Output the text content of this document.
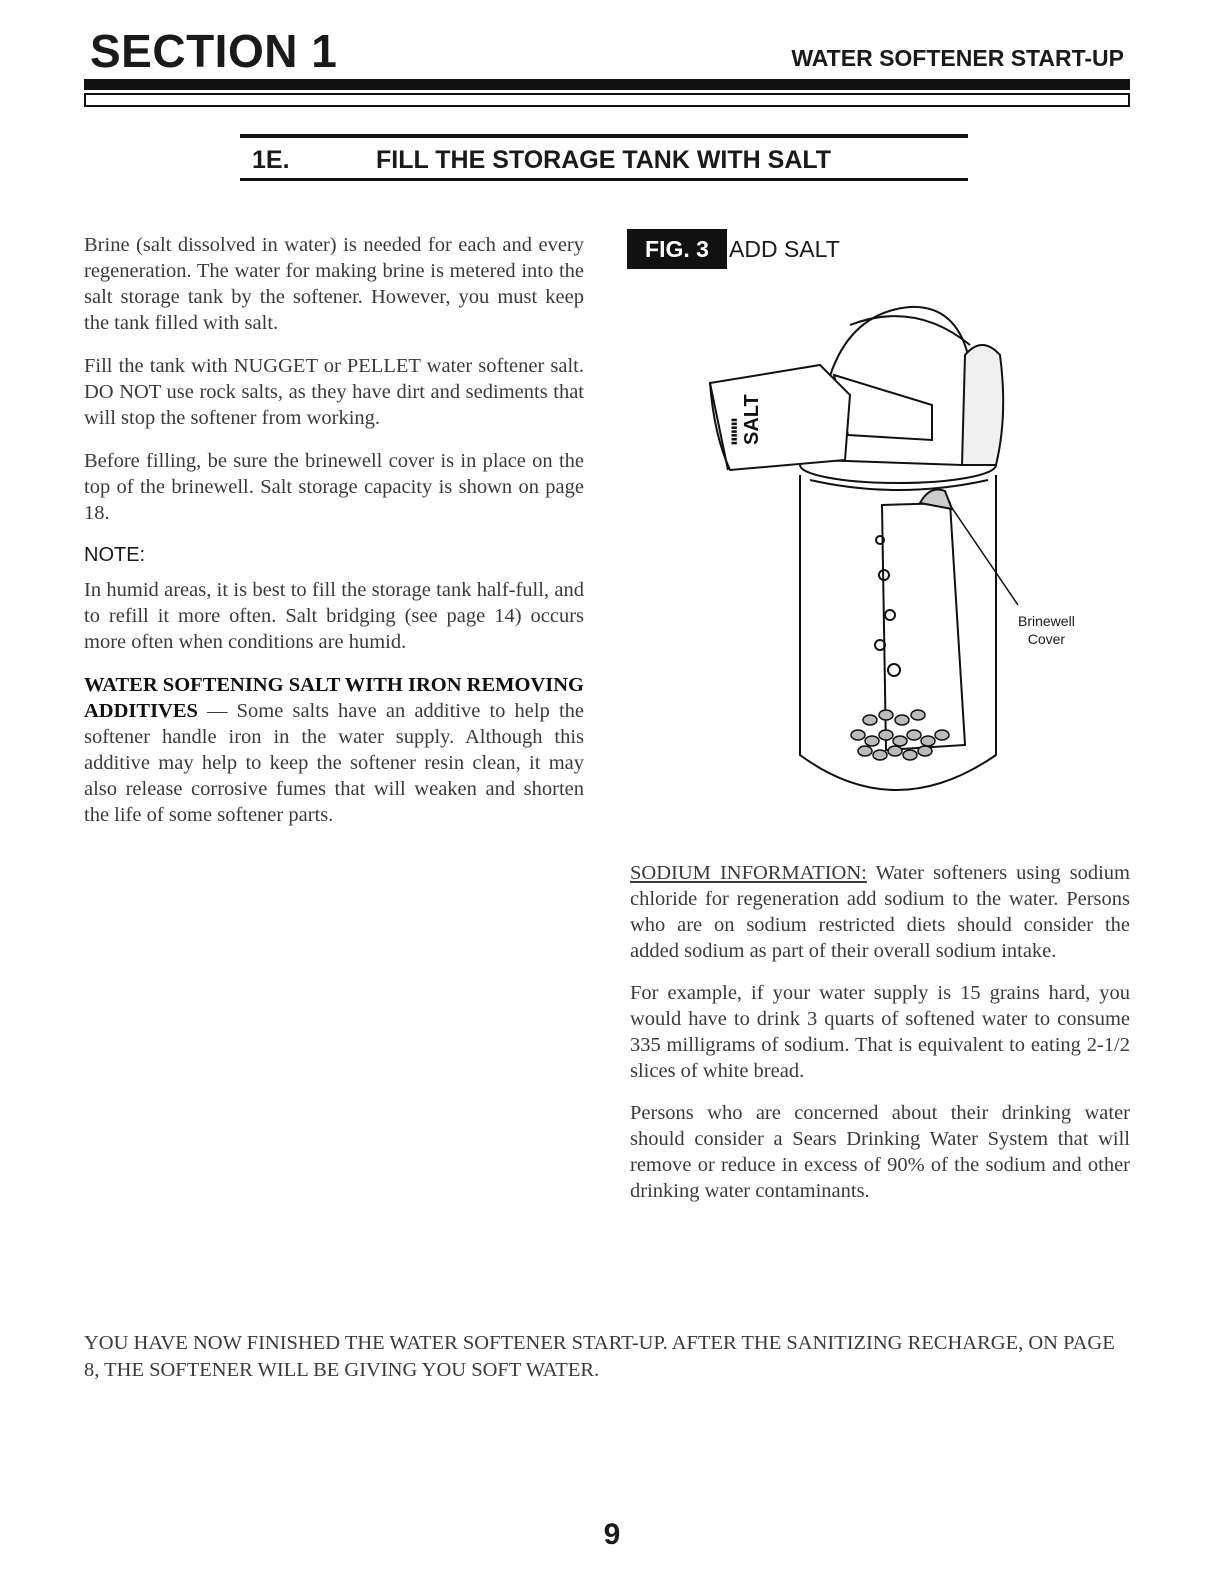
SECTION 1	WATER SOFTENER START-UP
1E.	FILL THE STORAGE TANK WITH SALT

Brine (salt dissolved in water) is needed for each and every regeneration. The water for making brine is metered into the salt storage tank by the softener. However, you must keep the tank filled with salt.

Fill the tank with NUGGET or PELLET water softener salt. DO NOT use rock salts, as they have dirt and sediments that will stop the softener from working.

Before filling, be sure the brinewell cover is in place on the top of the brinewell. Salt storage capacity is shown on page 18.

NOTE:

In humid areas, it is best to fill the storage tank half-full, and to refill it more often. Salt bridging (see page 14) occurs more often when conditions are humid.

WATER SOFTENING SALT WITH IRON REMOVING ADDITIVES — Some salts have an additive to help the softener handle iron in the water supply. Although this additive may help to keep the softener resin clean, it may also release corrosive fumes that will weaken and shorten the life of some softener parts.

FIG. 3 ADD SALT
SALT
▮▮▮▮▮▮▮
Brinewell
Cover

SODIUM INFORMATION: Water softeners using sodium chloride for regeneration add sodium to the water. Persons who are on sodium restricted diets should consider the added sodium as part of their overall sodium intake.

For example, if your water supply is 15 grains hard, you would have to drink 3 quarts of softened water to consume 335 milligrams of sodium. That is equivalent to eating 2-1/2 slices of white bread.

Persons who are concerned about their drinking water should consider a Sears Drinking Water System that will remove or reduce in excess of 90% of the sodium and other drinking water contaminants.

YOU HAVE NOW FINISHED THE WATER SOFTENER START-UP. AFTER THE SANITIZING RECHARGE, ON PAGE 8, THE SOFTENER WILL BE GIVING YOU SOFT WATER.

9
